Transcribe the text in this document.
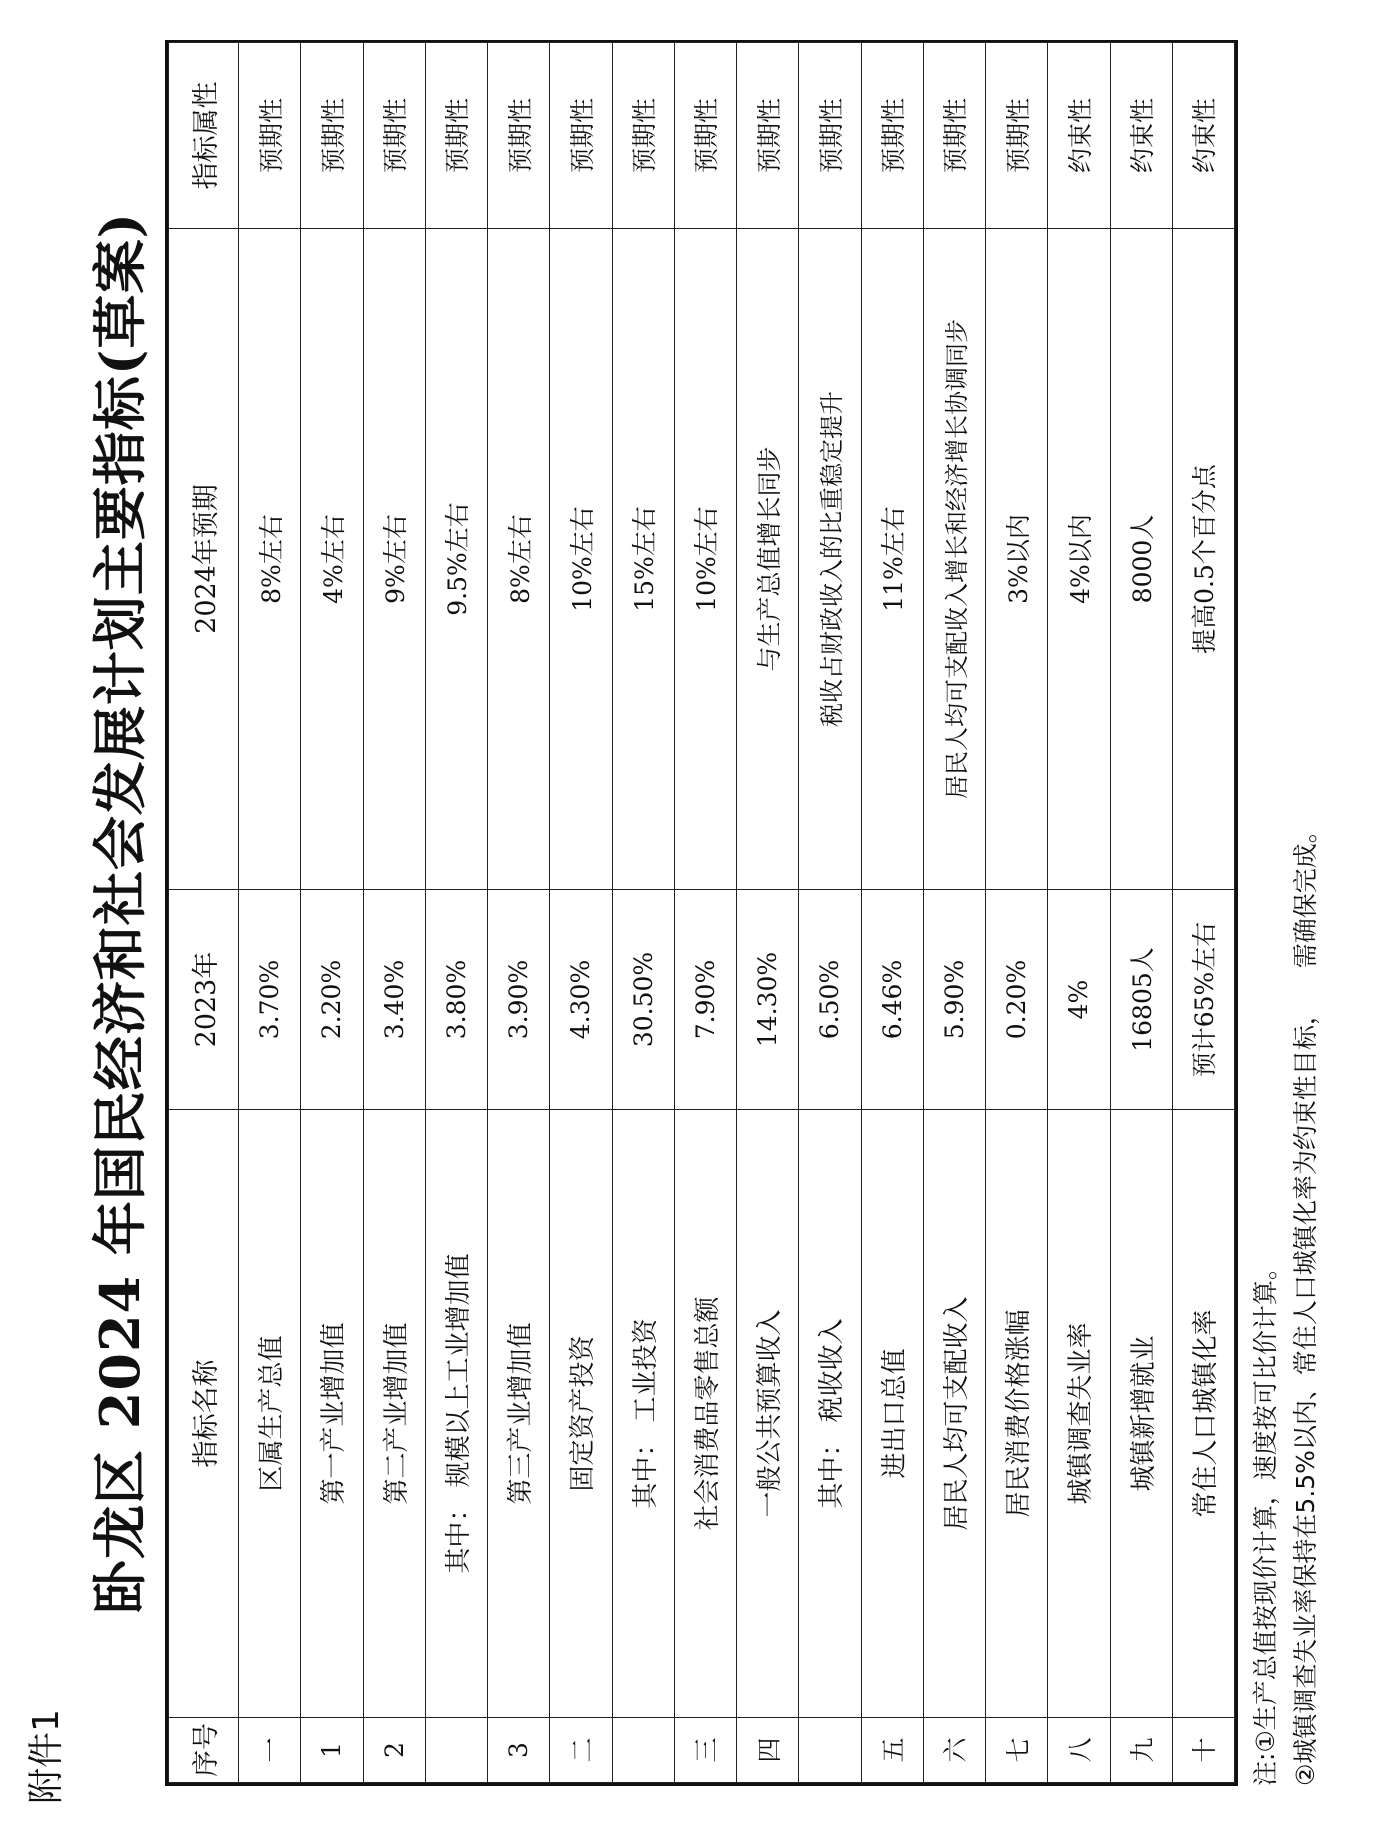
附件1
卧龙区 2024 年国民经济和社会发展计划主要指标(草案)
序号	指标名称	2023年	2024年预期	指标属性
一	区属生产总值	3.70%	8%左右	预期性
1	第一产业增加值	2.20%	4%左右	预期性
2	第二产业增加值	3.40%	9%左右	预期性
	其中： 规模以上工业增加值	3.80%	9.5%左右	预期性
3	第三产业增加值	3.90%	8%左右	预期性
二	固定资产投资	4.30%	10%左右	预期性
	其中： 工业投资	30.50%	15%左右	预期性
三	社会消费品零售总额	7.90%	10%左右	预期性
四	一般公共预算收入	14.30%	与生产总值增长同步	预期性
	其中： 税收收入	6.50%	税收占财政收入的比重稳定提升	预期性
五	进出口总值	6.46%	11%左右	预期性
六	居民人均可支配收入	5.90%	居民人均可支配收入增长和经济增长协调同步	预期性
七	居民消费价格涨幅	0.20%	3%以内	预期性
八	城镇调查失业率	4%	4%以内	约束性
九	城镇新增就业	16805人	8000人	约束性
十	常住人口城镇化率	预计65%左右	提高0.5个百分点	约束性
注:①生产总值按现价计算，速度按可比价计算。 ②城镇调查失业率保持在5.5%以内、常住人口城镇化率为约束性目标，    需确保完成。
